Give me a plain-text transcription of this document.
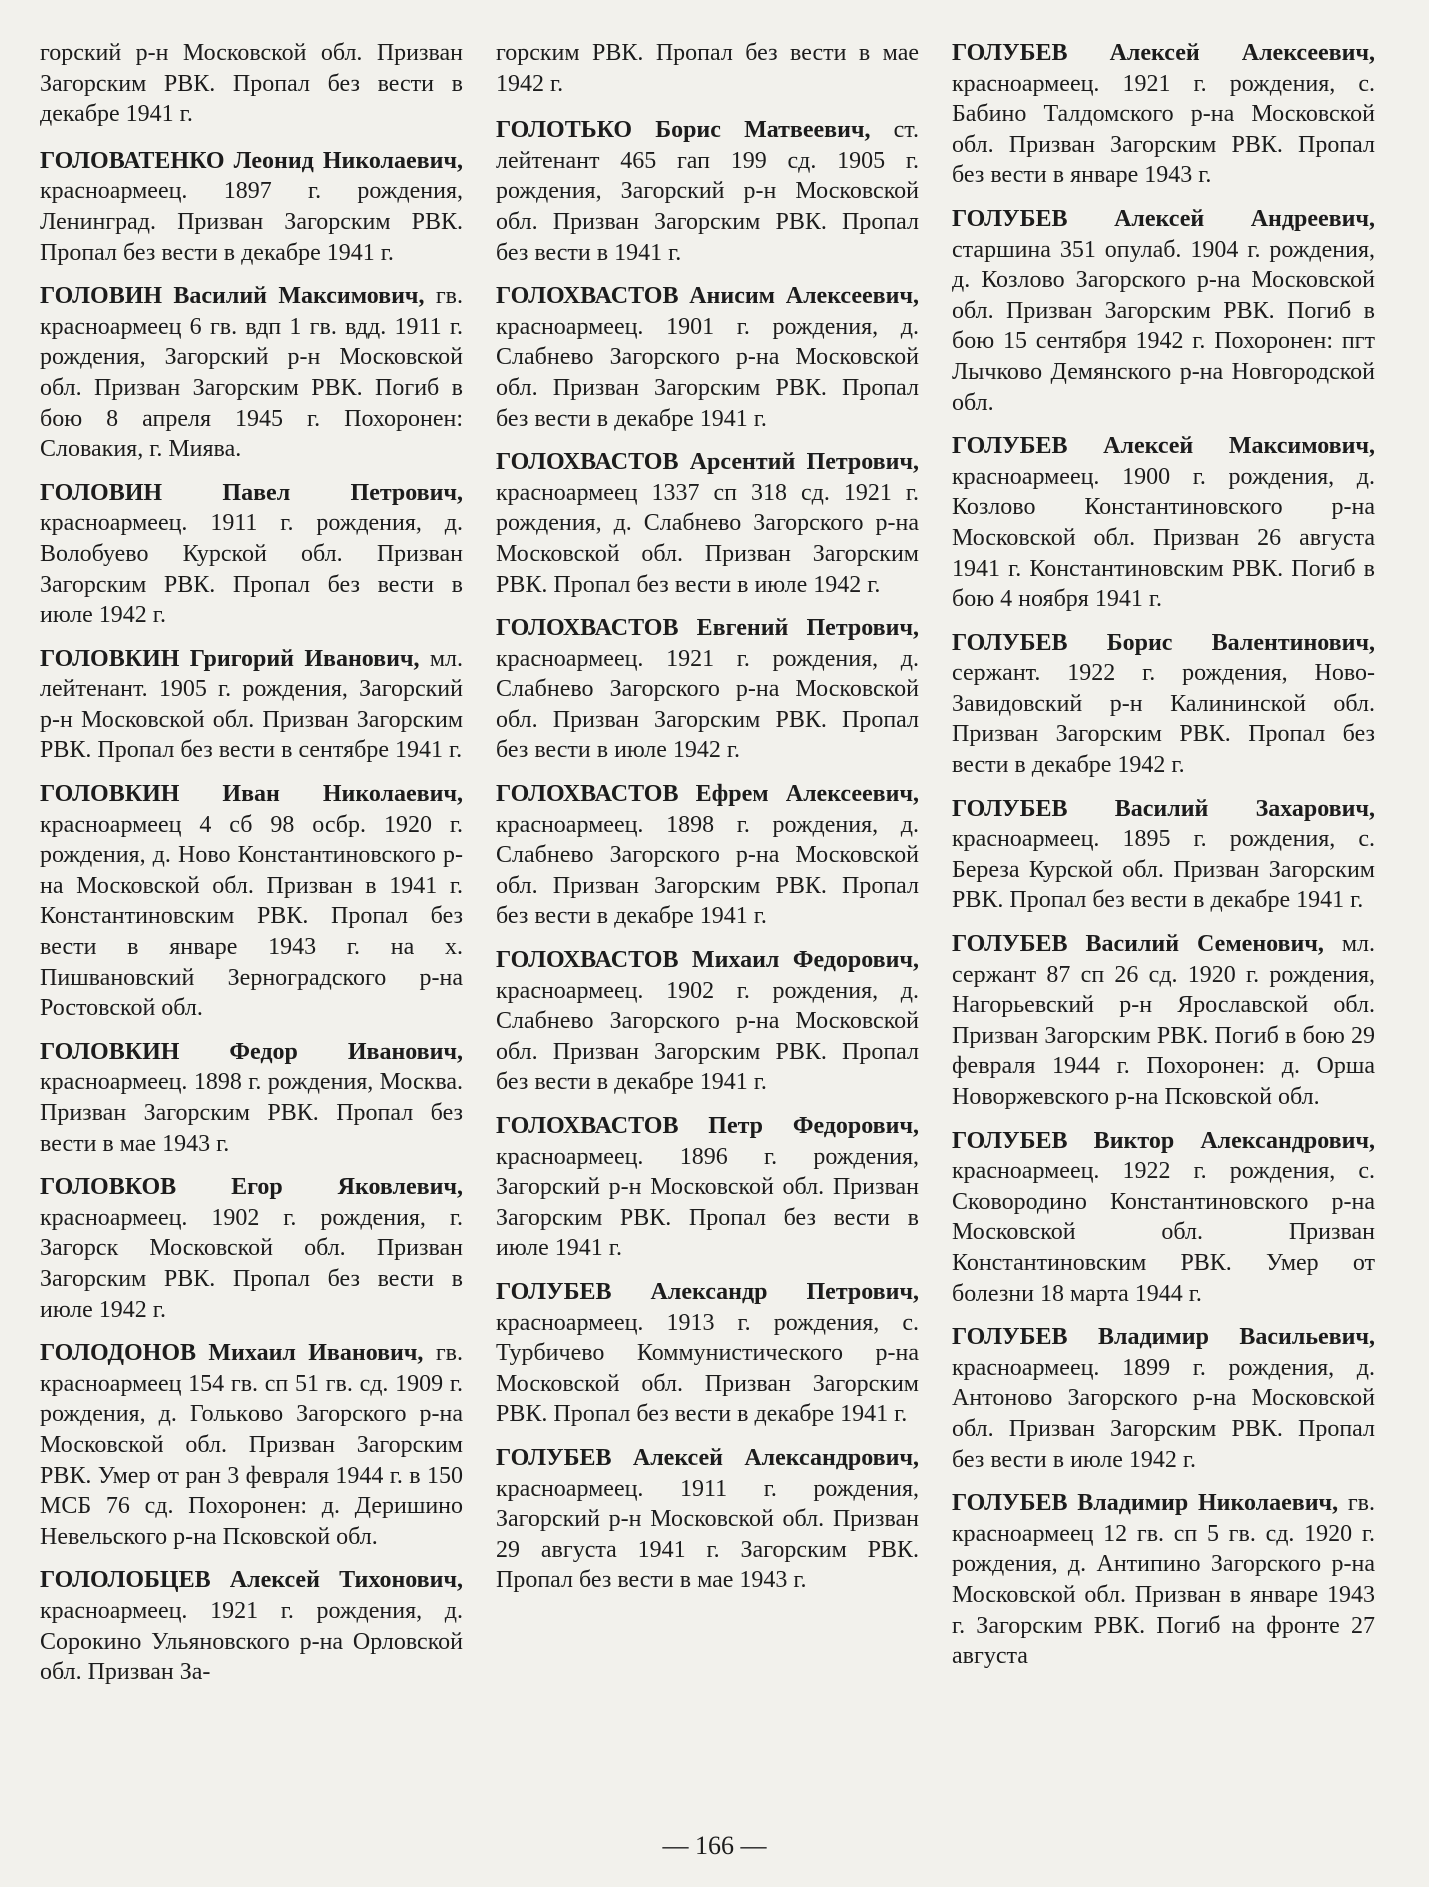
горский р-н Московской обл. Призван Загорским РВК. Пропал без вести в декабре 1941 г.

ГОЛОВАТЕНКО Леонид Николаевич, красноармеец. 1897 г. рождения, Ленинград. Призван Загорским РВК. Пропал без вести в декабре 1941 г.

ГОЛОВИН Василий Максимович, гв. красноармеец 6 гв. вдп 1 гв. вдд. 1911 г. рождения, Загорский р-н Московской обл. Призван Загорским РВК. Погиб в бою 8 апреля 1945 г. Похоронен: Словакия, г. Миява.

ГОЛОВИН Павел Петрович, красноармеец. 1911 г. рождения, д. Волобуево Курской обл. Призван Загорским РВК. Пропал без вести в июле 1942 г.

ГОЛОВКИН Григорий Иванович, мл. лейтенант. 1905 г. рождения, Загорский р-н Московской обл. Призван Загорским РВК. Пропал без вести в сентябре 1941 г.

ГОЛОВКИН Иван Николаевич, красноармеец 4 сб 98 осбр. 1920 г. рождения, д. Ново Константиновского р-на Московской обл. Призван в 1941 г. Константиновским РВК. Пропал без вести в январе 1943 г. на х. Пишвановский Зерноградского р-на Ростовской обл.

ГОЛОВКИН Федор Иванович, красноармеец. 1898 г. рождения, Москва. Призван Загорским РВК. Пропал без вести в мае 1943 г.

ГОЛОВКОВ Егор Яковлевич, красноармеец. 1902 г. рождения, г. Загорск Московской обл. Призван Загорским РВК. Пропал без вести в июле 1942 г.

ГОЛОДОНОВ Михаил Иванович, гв. красноармеец 154 гв. сп 51 гв. сд. 1909 г. рождения, д. Голькoво Загорского р-на Московской обл. Призван Загорским РВК. Умер от ран 3 февраля 1944 г. в 150 МСБ 76 сд. Похоронен: д. Деришино Невельского р-на Псковской обл.

ГОЛОЛОБЦЕВ Алексей Тихонович, красноармеец. 1921 г. рождения, д. Сорокино Ульяновского р-на Орловской обл. Призван За-

горским РВК. Пропал без вести в мае 1942 г.

ГОЛОТЬКО Борис Матвеевич, ст. лейтенант 465 гап 199 сд. 1905 г. рождения, Загорский р-н Московской обл. Призван Загорским РВК. Пропал без вести в 1941 г.

ГОЛОХВАСТОВ Анисим Алексеевич, красноармеец. 1901 г. рождения, д. Слабнево Загорского р-на Московской обл. Призван Загорским РВК. Пропал без вести в декабре 1941 г.

ГОЛОХВАСТОВ Арсентий Петрович, красноармеец 1337 сп 318 сд. 1921 г. рождения, д. Слабнево Загорского р-на Московской обл. Призван Загорским РВК. Пропал без вести в июле 1942 г.

ГОЛОХВАСТОВ Евгений Петрович, красноармеец. 1921 г. рождения, д. Слабнево Загорского р-на Московской обл. Призван Загорским РВК. Пропал без вести в июле 1942 г.

ГОЛОХВАСТОВ Ефрем Алексеевич, красноармеец. 1898 г. рождения, д. Слабнево Загорского р-на Московской обл. Призван Загорским РВК. Пропал без вести в декабре 1941 г.

ГОЛОХВАСТОВ Михаил Федорович, красноармеец. 1902 г. рождения, д. Слабнево Загорского р-на Московской обл. Призван Загорским РВК. Пропал без вести в декабре 1941 г.

ГОЛОХВАСТОВ Петр Федорович, красноармеец. 1896 г. рождения, Загорский р-н Московской обл. Призван Загорским РВК. Пропал без вести в июле 1941 г.

ГОЛУБЕВ Александр Петрович, красноармеец. 1913 г. рождения, с. Турбичево Коммунистического р-на Московской обл. Призван Загорским РВК. Пропал без вести в декабре 1941 г.

ГОЛУБЕВ Алексей Александрович, красноармеец. 1911 г. рождения, Загорский р-н Московской обл. Призван 29 августа 1941 г. Загорским РВК. Пропал без вести в мае 1943 г.

ГОЛУБЕВ Алексей Алексеевич, красноармеец. 1921 г. рождения, с. Бабино Талдомского р-на Московской обл. Призван Загорским РВК. Пропал без вести в январе 1943 г.

ГОЛУБЕВ Алексей Андреевич, старшина 351 опулаб. 1904 г. рождения, д. Козлово Загорского р-на Московской обл. Призван Загорским РВК. Погиб в бою 15 сентября 1942 г. Похоронен: пгт Лычково Демянского р-на Новгородской обл.

ГОЛУБЕВ Алексей Максимович, красноармеец. 1900 г. рождения, д. Козлово Константиновского р-на Московской обл. Призван 26 августа 1941 г. Константиновским РВК. Погиб в бою 4 ноября 1941 г.

ГОЛУБЕВ Борис Валентинович, сержант. 1922 г. рождения, Ново-Завидовский р-н Калининской обл. Призван Загорским РВК. Пропал без вести в декабре 1942 г.

ГОЛУБЕВ Василий Захарович, красноармеец. 1895 г. рождения, с. Береза Курской обл. Призван Загорским РВК. Пропал без вести в декабре 1941 г.

ГОЛУБЕВ Василий Семенович, мл. сержант 87 сп 26 сд. 1920 г. рождения, Нагорьевский р-н Ярославской обл. Призван Загорским РВК. Погиб в бою 29 февраля 1944 г. Похоронен: д. Орша Новоржевского р-на Псковской обл.

ГОЛУБЕВ Виктор Александрович, красноармеец. 1922 г. рождения, с. Сковородино Константиновского р-на Московской обл. Призван Константиновским РВК. Умер от болезни 18 марта 1944 г.

ГОЛУБЕВ Владимир Васильевич, красноармеец. 1899 г. рождения, д. Антоново Загорского р-на Московской обл. Призван Загорским РВК. Пропал без вести в июле 1942 г.

ГОЛУБЕВ Владимир Николаевич, гв. красноармеец 12 гв. сп 5 гв. сд. 1920 г. рождения, д. Антипино Загорского р-на Московской обл. Призван в январе 1943 г. Загорским РВК. Погиб на фронте 27 августа

— 166 —
